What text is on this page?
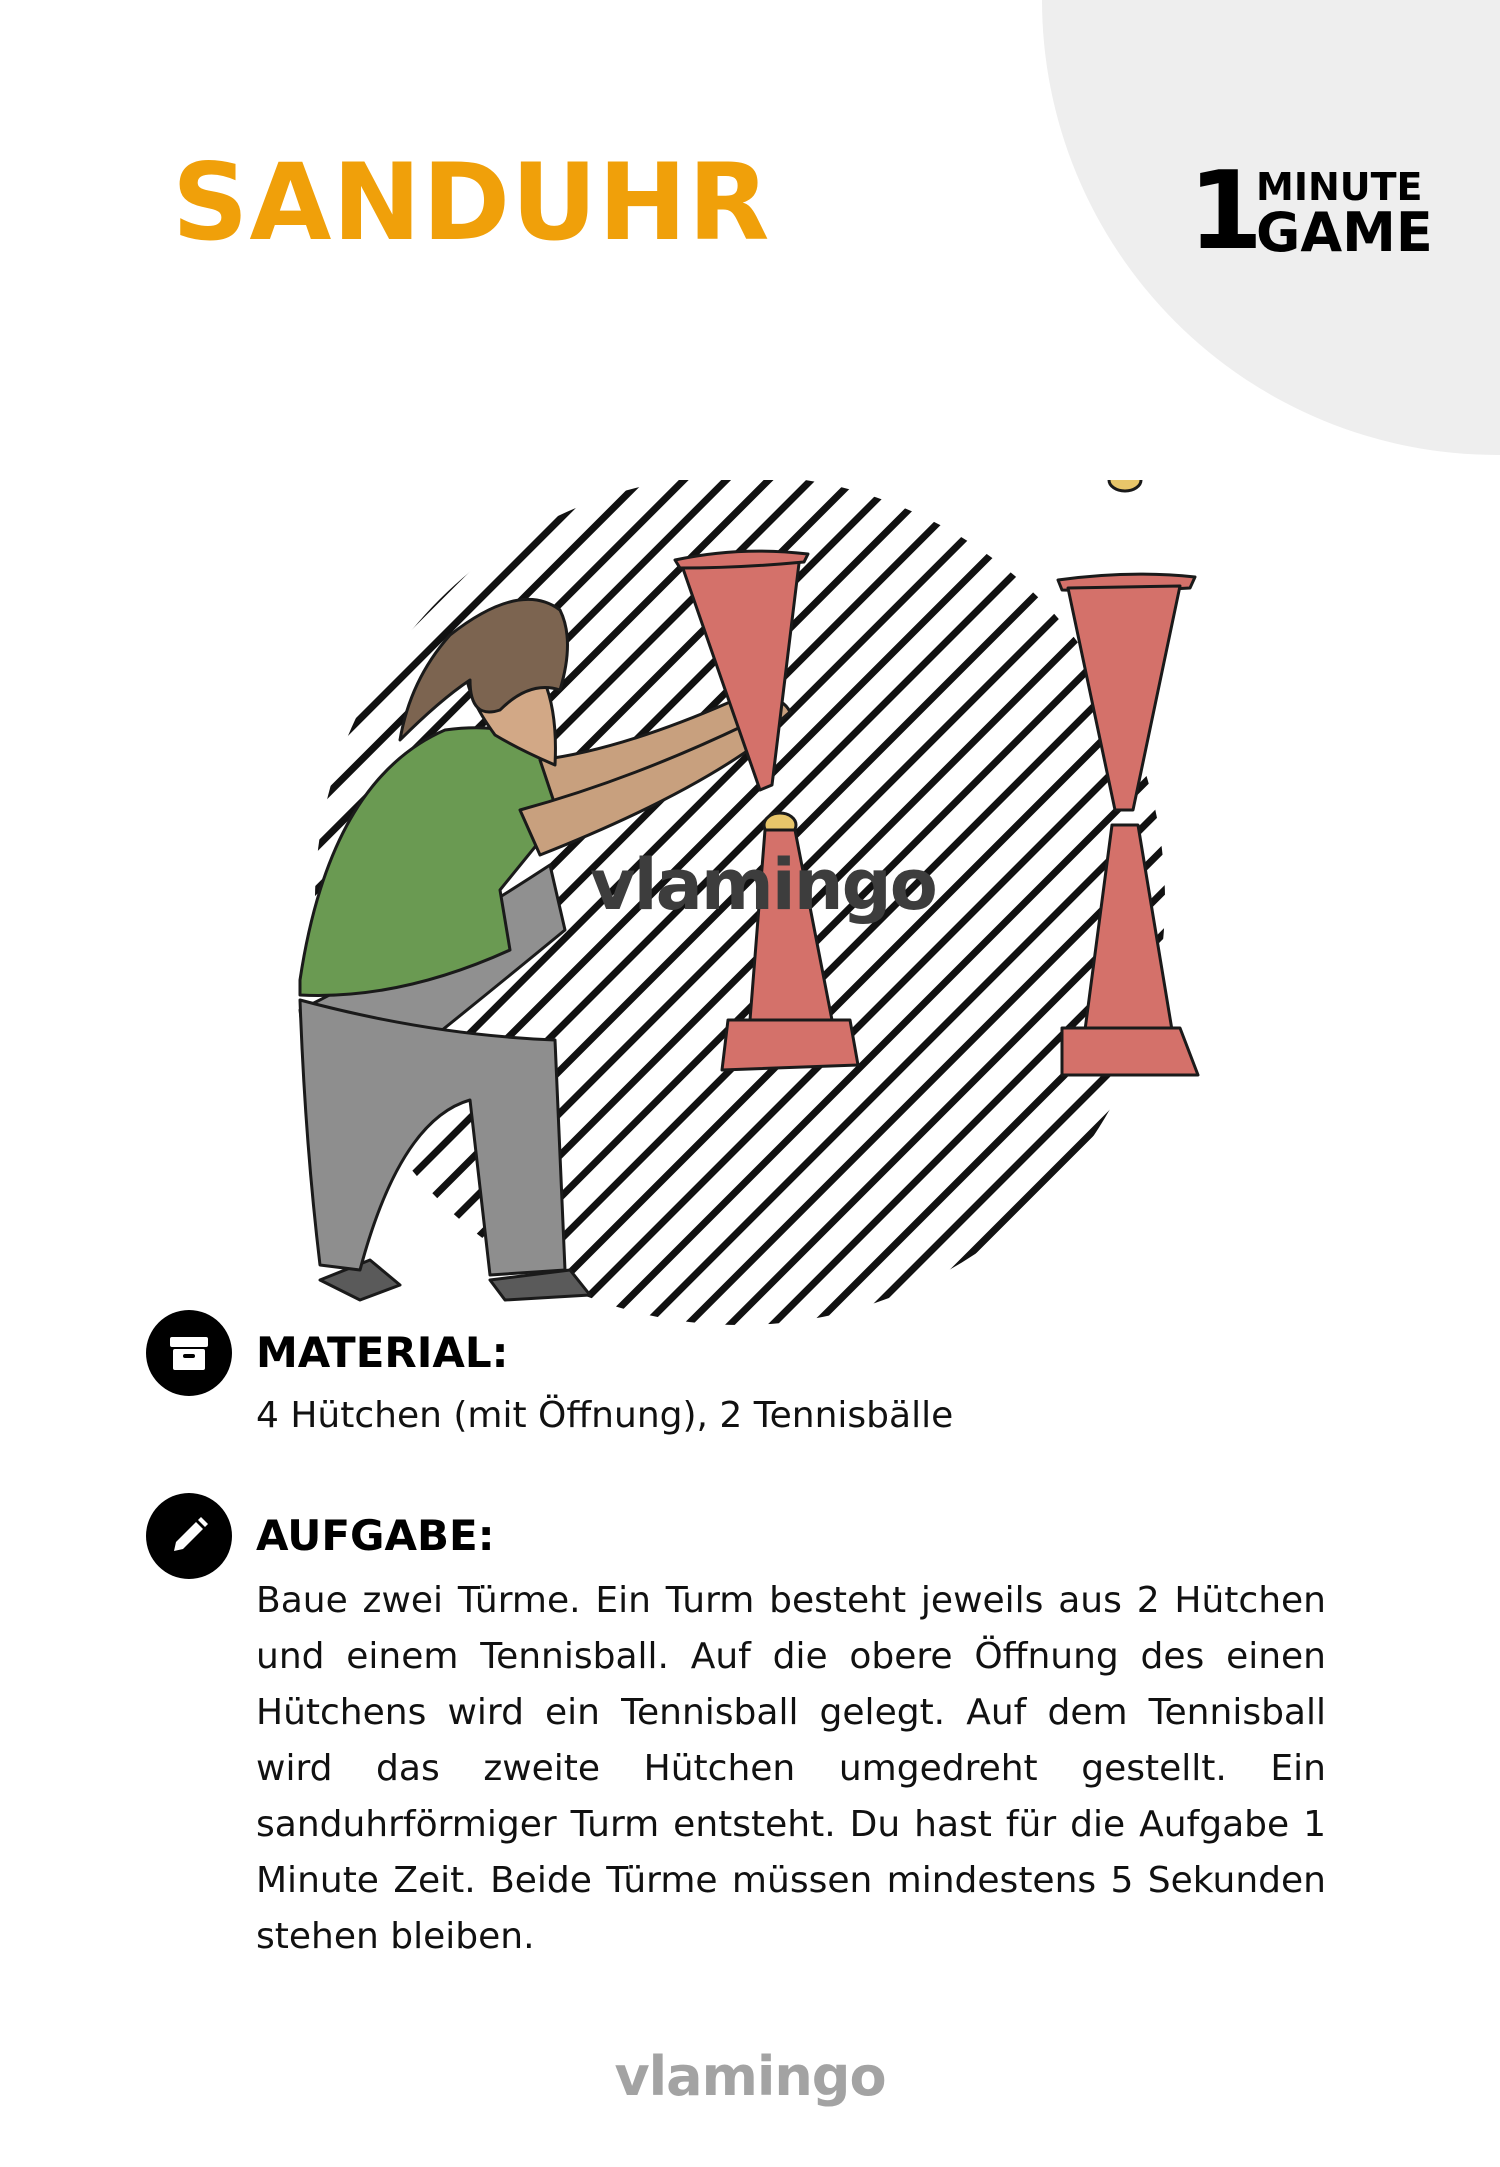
SANDUHR	1
MINUTE
GAME
vlamingo
MATERIAL:

4 Hütchen (mit Öffnung), 2 Tennisbälle

AUFGABE:

Baue zwei Türme. Ein Turm besteht jeweils aus 2 Hütchen und einem Tennisball. Auf die obere Öffnung des einen Hütchens wird ein Tennisball gelegt. Auf dem Tennisball wird das zweite Hütchen umgedreht gestellt. Ein sanduhrförmiger Turm entsteht. Du hast für die Aufgabe 1 Minute Zeit. Beide Türme müssen mindestens 5 Sekunden stehen bleiben.

vlamingo
